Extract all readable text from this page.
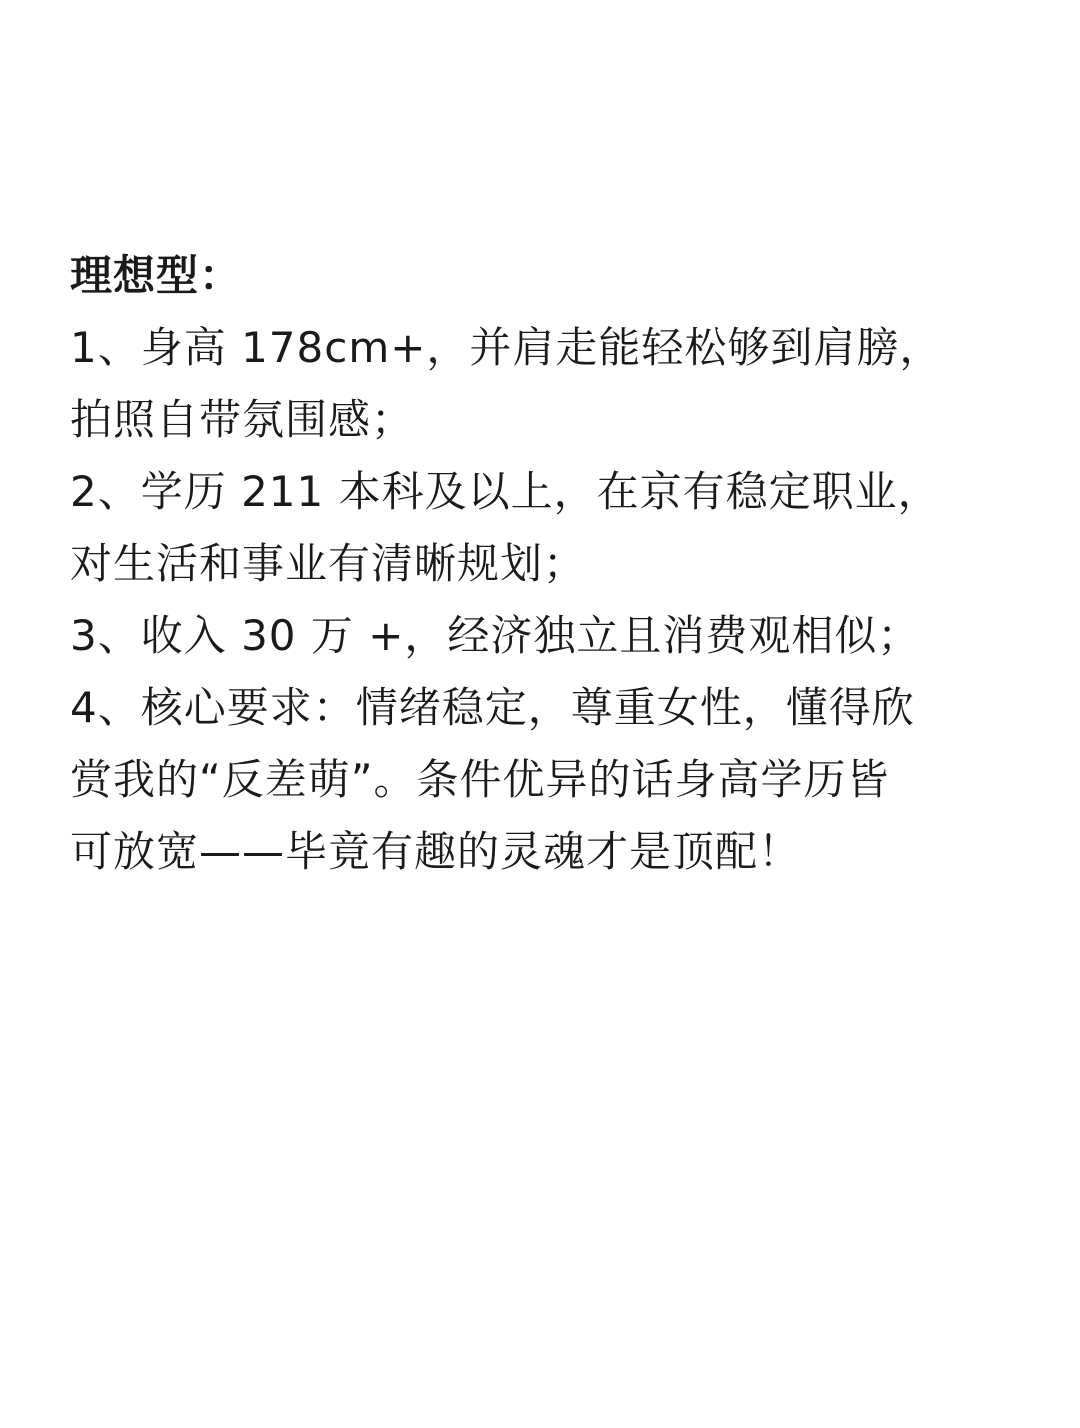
理想型：
1、身高 178cm+，并肩走能轻松够到肩膀，
拍照自带氛围感；
2、学历 211 本科及以上，在京有稳定职业，
对生活和事业有清晰规划；
3、收入 30 万 +，经济独立且消费观相似；
4、核心要求：情绪稳定，尊重女性，懂得欣
赏我的“反差萌”。条件优异的话身高学历皆
可放宽——毕竟有趣的灵魂才是顶配！
